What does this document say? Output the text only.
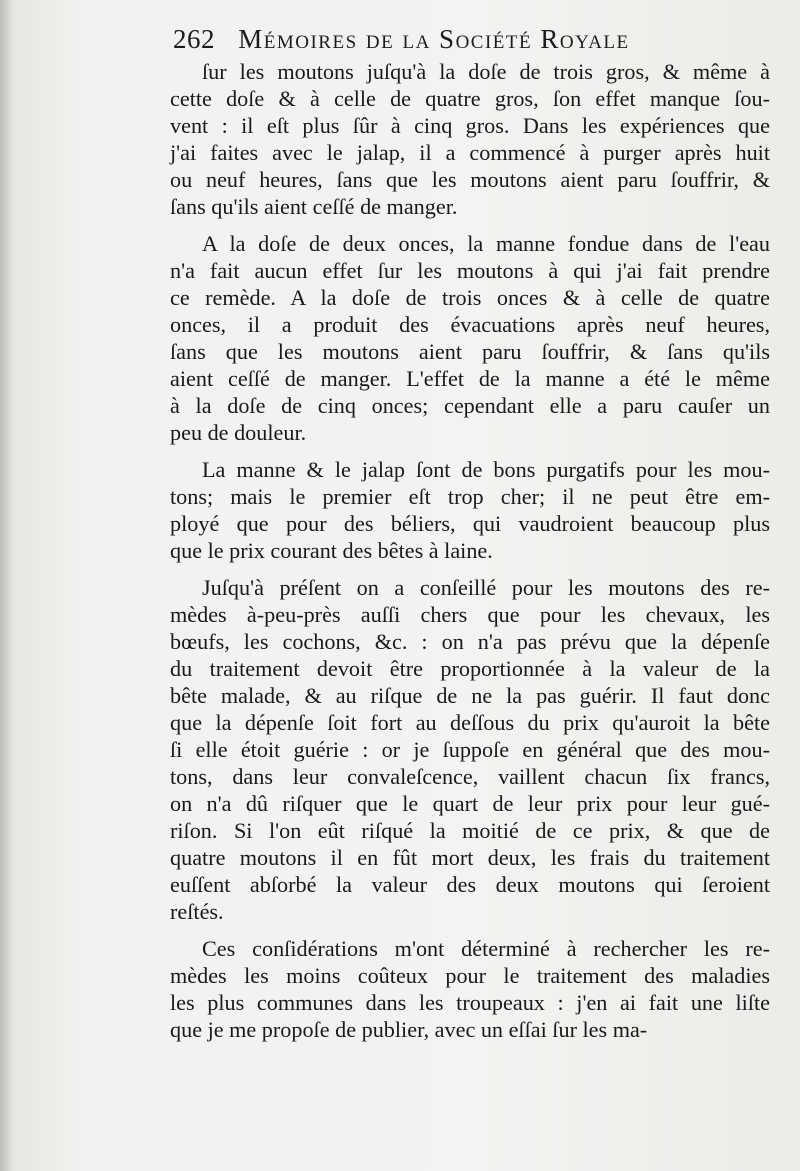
262 Mémoires de la Société Royale
ſur les moutons juſqu'à la doſe de trois gros, & même à
cette doſe & à celle de quatre gros, ſon effet manque ſou-
vent : il eſt plus ſûr à cinq gros. Dans les expériences que
j'ai faites avec le jalap, il a commencé à purger après huit
ou neuf heures, ſans que les moutons aient paru ſouffrir, &
ſans qu'ils aient ceſſé de manger.
A la doſe de deux onces, la manne fondue dans de l'eau
n'a fait aucun effet ſur les moutons à qui j'ai fait prendre
ce remède. A la doſe de trois onces & à celle de quatre
onces, il a produit des évacuations après neuf heures,
ſans que les moutons aient paru ſouffrir, & ſans qu'ils
aient ceſſé de manger. L'effet de la manne a été le même
à la doſe de cinq onces; cependant elle a paru cauſer un
peu de douleur.
La manne & le jalap ſont de bons purgatifs pour les mou-
tons; mais le premier eſt trop cher; il ne peut être em-
ployé que pour des béliers, qui vaudroient beaucoup plus
que le prix courant des bêtes à laine.
Juſqu'à préſent on a conſeillé pour les moutons des re-
mèdes à-peu-près auſſi chers que pour les chevaux, les
bœufs, les cochons, &c. : on n'a pas prévu que la dépenſe
du traitement devoit être proportionnée à la valeur de la
bête malade, & au riſque de ne la pas guérir. Il faut donc
que la dépenſe ſoit fort au deſſous du prix qu'auroit la bête
ſi elle étoit guérie : or je ſuppoſe en général que des mou-
tons, dans leur convaleſcence, vaillent chacun ſix francs,
on n'a dû riſquer que le quart de leur prix pour leur gué-
riſon. Si l'on eût riſqué la moitié de ce prix, & que de
quatre moutons il en fût mort deux, les frais du traitement
euſſent abſorbé la valeur des deux moutons qui ſeroient
reſtés.
Ces conſidérations m'ont déterminé à rechercher les re-
mèdes les moins coûteux pour le traitement des maladies
les plus communes dans les troupeaux : j'en ai fait une liſte
que je me propoſe de publier, avec un eſſai ſur les ma-
